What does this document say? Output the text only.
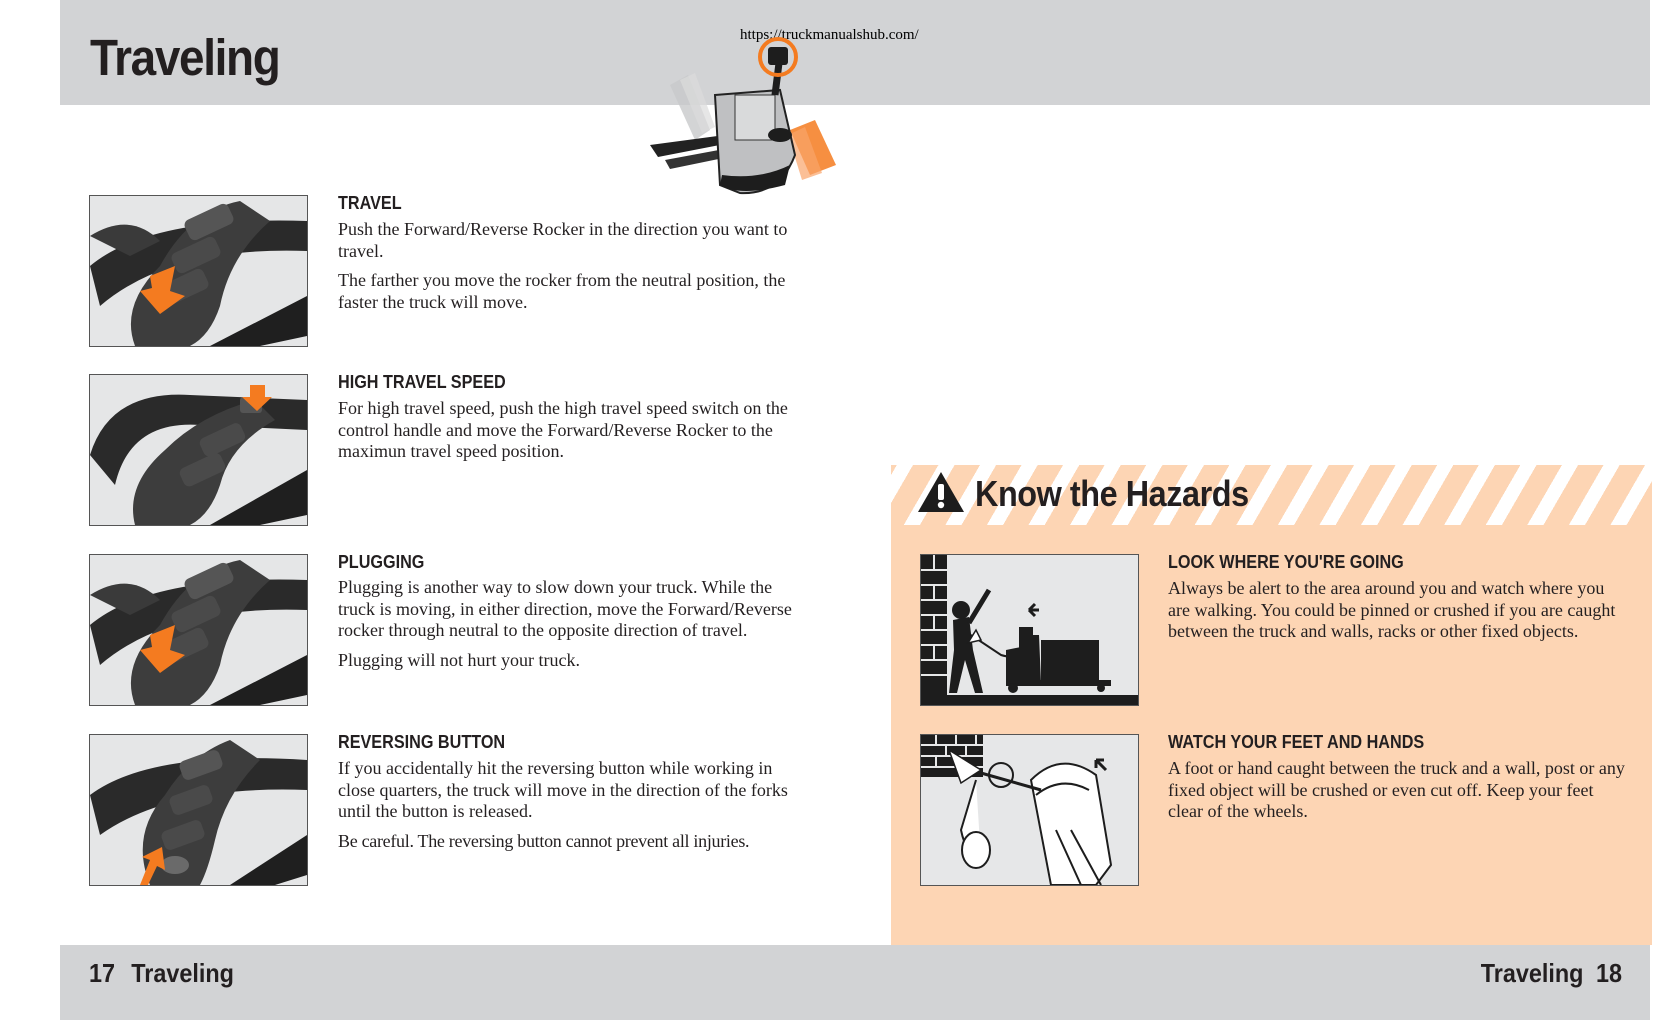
Traveling	https://truckmanualshub.com/
TRAVEL

Push the Forward/Reverse Rocker in the direction you want to travel.

The farther you move the rocker from the neutral position, the faster the truck will move.

HIGH TRAVEL SPEED

For high travel speed, push the high travel speed switch on the control handle and move the Forward/Reverse Rocker to the maximun travel speed position.

PLUGGING

Plugging is another way to slow down your truck. While the truck is moving, in either direction, move the Forward/Reverse rocker through neutral to the opposite direction of travel.

Plugging will not hurt your truck.

REVERSING BUTTON

If you accidentally hit the reversing button while working in close quarters, the truck will move in the direction of the forks until the button is released.

Be careful. The reversing button cannot prevent all injuries.

Know the Hazards
LOOK WHERE YOU'RE GOING
Always be alert to the area around you and watch where you are walking. You could be pinned or crushed if you are caught between the truck and walls, racks or other fixed objects.
WATCH YOUR FEET AND HANDS
A foot or hand caught between the truck and a wall, post or any fixed object will be crushed or even cut off. Keep your feet clear of the wheels.
17 Traveling	Traveling 18
